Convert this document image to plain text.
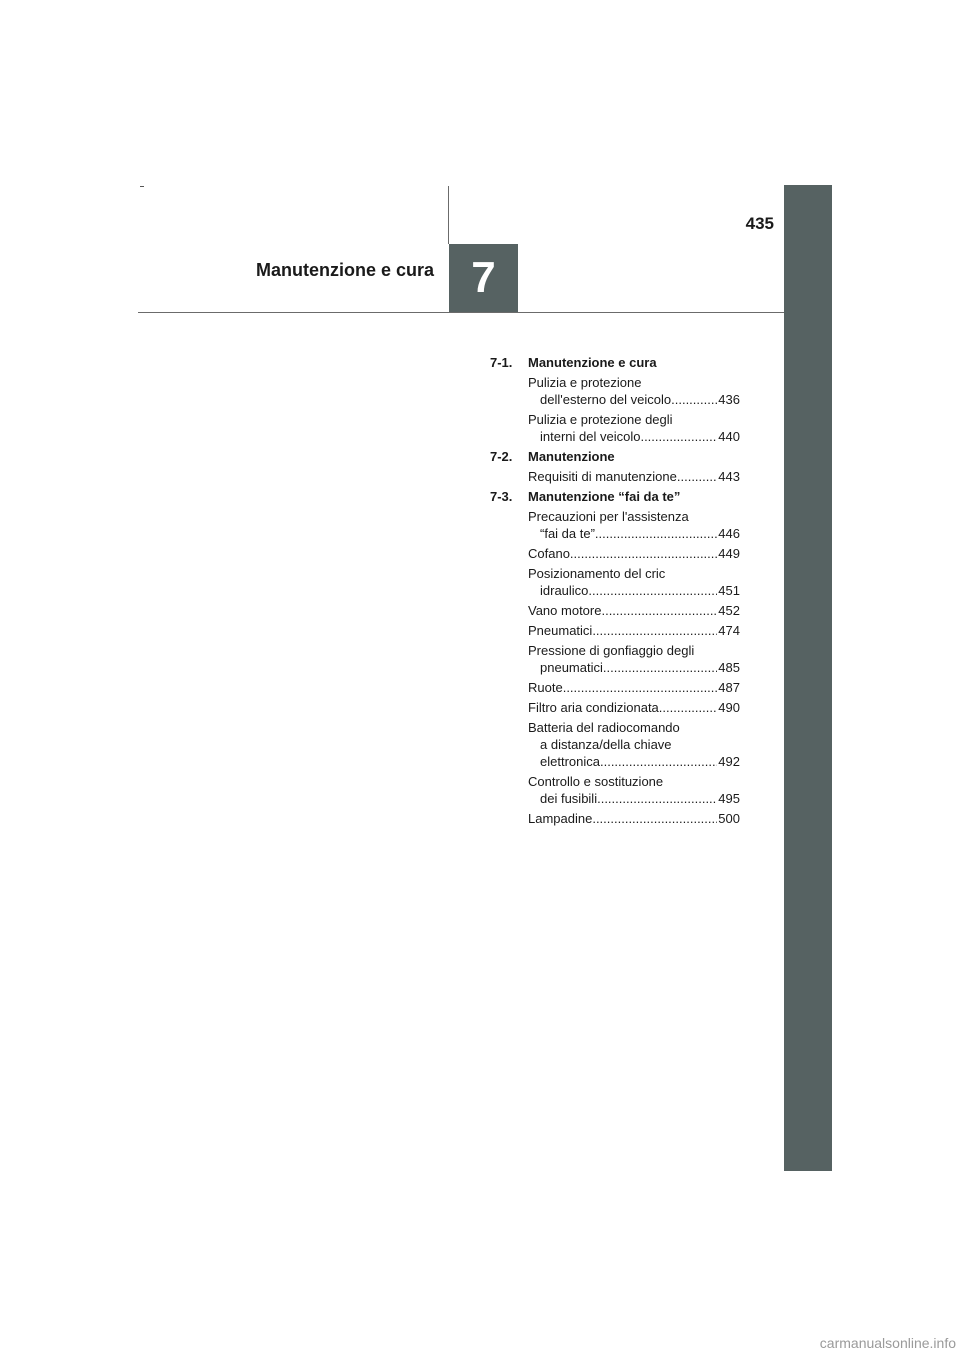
435
Manutenzione e cura 7
7-1.	Manutenzione e cura
Pulizia e protezione
dell'esterno del veicolo .....	436
Pulizia e protezione degli
interni del veicolo .....	440
7-2.	Manutenzione
Requisiti di manutenzione .....	443
7-3.	Manutenzione “fai da te”
Precauzioni per l'assistenza
“fai da te” .....	446
Cofano .....	449
Posizionamento del cric
idraulico .....	451
Vano motore .....	452
Pneumatici .....	474
Pressione di gonfiaggio degli
pneumatici .....	485
Ruote .....	487
Filtro aria condizionata .....	490
Batteria del radiocomando
a distanza/della chiave
elettronica .....	492
Controllo e sostituzione
dei fusibili .....	495
Lampadine .....	500
carmanualsonline.info
